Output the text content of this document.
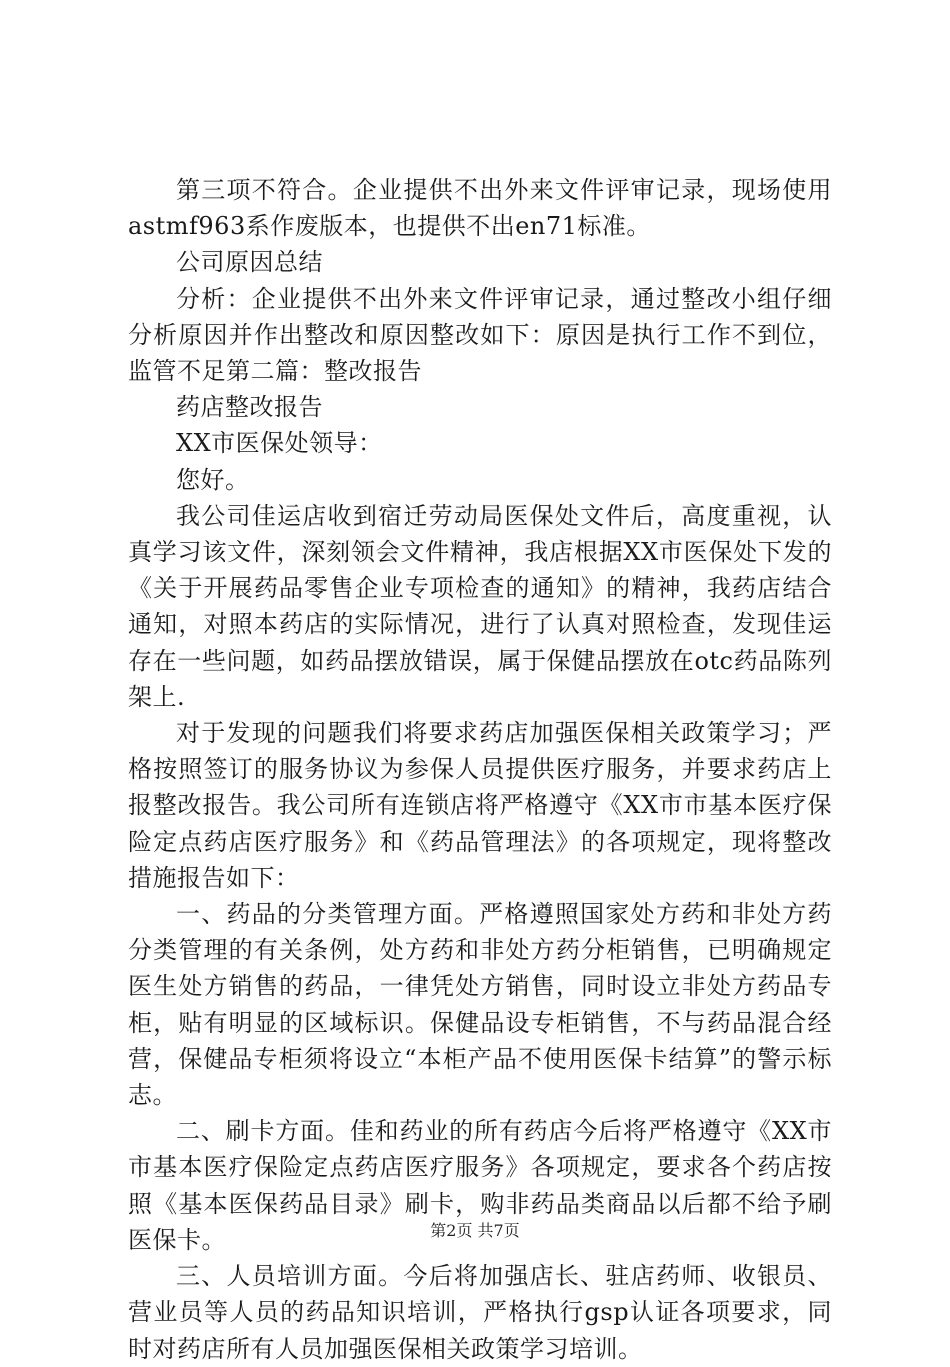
第三项不符合。企业提供不出外来文件评审记录，现场使用astmf963系作废版本，也提供不出en71标准。

公司原因总结

分析：企业提供不出外来文件评审记录，通过整改小组仔细分析原因并作出整改和原因整改如下：原因是执行工作不到位，监管不足第二篇：整改报告

药店整改报告

XX市医保处领导：

您好。

我公司佳运店收到宿迁劳动局医保处文件后，高度重视，认真学习该文件，深刻领会文件精神，我店根据XX市医保处下发的《关于开展药品零售企业专项检查的通知》的精神，我药店结合通知，对照本药店的实际情况，进行了认真对照检查，发现佳运存在一些问题，如药品摆放错误，属于保健品摆放在otc药品陈列架上.

对于发现的问题我们将要求药店加强医保相关政策学习；严格按照签订的服务协议为参保人员提供医疗服务，并要求药店上报整改报告。我公司所有连锁店将严格遵守《XX市市基本医疗保险定点药店医疗服务》和《药品管理法》的各项规定，现将整改措施报告如下：

一、药品的分类管理方面。严格遵照国家处方药和非处方药分类管理的有关条例，处方药和非处方药分柜销售，已明确规定医生处方销售的药品，一律凭处方销售，同时设立非处方药品专柜，贴有明显的区域标识。保健品设专柜销售，不与药品混合经营，保健品专柜须将设立“本柜产品不使用医保卡结算”的警示标志。

二、刷卡方面。佳和药业的所有药店今后将严格遵守《XX市市基本医疗保险定点药店医疗服务》各项规定，要求各个药店按照《基本医保药品目录》刷卡，购非药品类商品以后都不给予刷医保卡。

三、人员培训方面。今后将加强店长、驻店药师、收银员、营业员等人员的药品知识培训，严格执行gsp认证各项要求，同时对药店所有人员加强医保相关政策学习培训。

第2页 共7页
